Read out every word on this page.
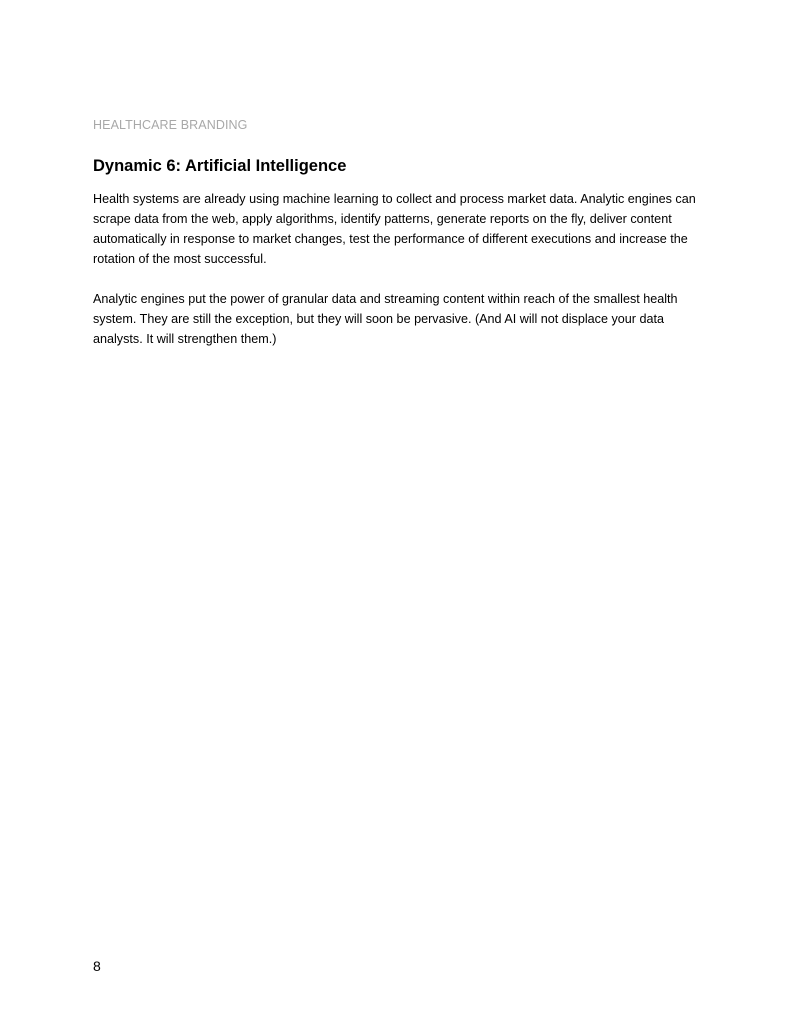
HEALTHCARE BRANDING
Dynamic 6: Artificial Intelligence

Health systems are already using machine learning to collect and process market data. Analytic engines can scrape data from the web, apply algorithms, identify patterns, generate reports on the fly, deliver content automatically in response to market changes, test the performance of different executions and increase the rotation of the most successful.

Analytic engines put the power of granular data and streaming content within reach of the smallest health system. They are still the exception, but they will soon be pervasive. (And AI will not displace your data analysts. It will strengthen them.)

8
